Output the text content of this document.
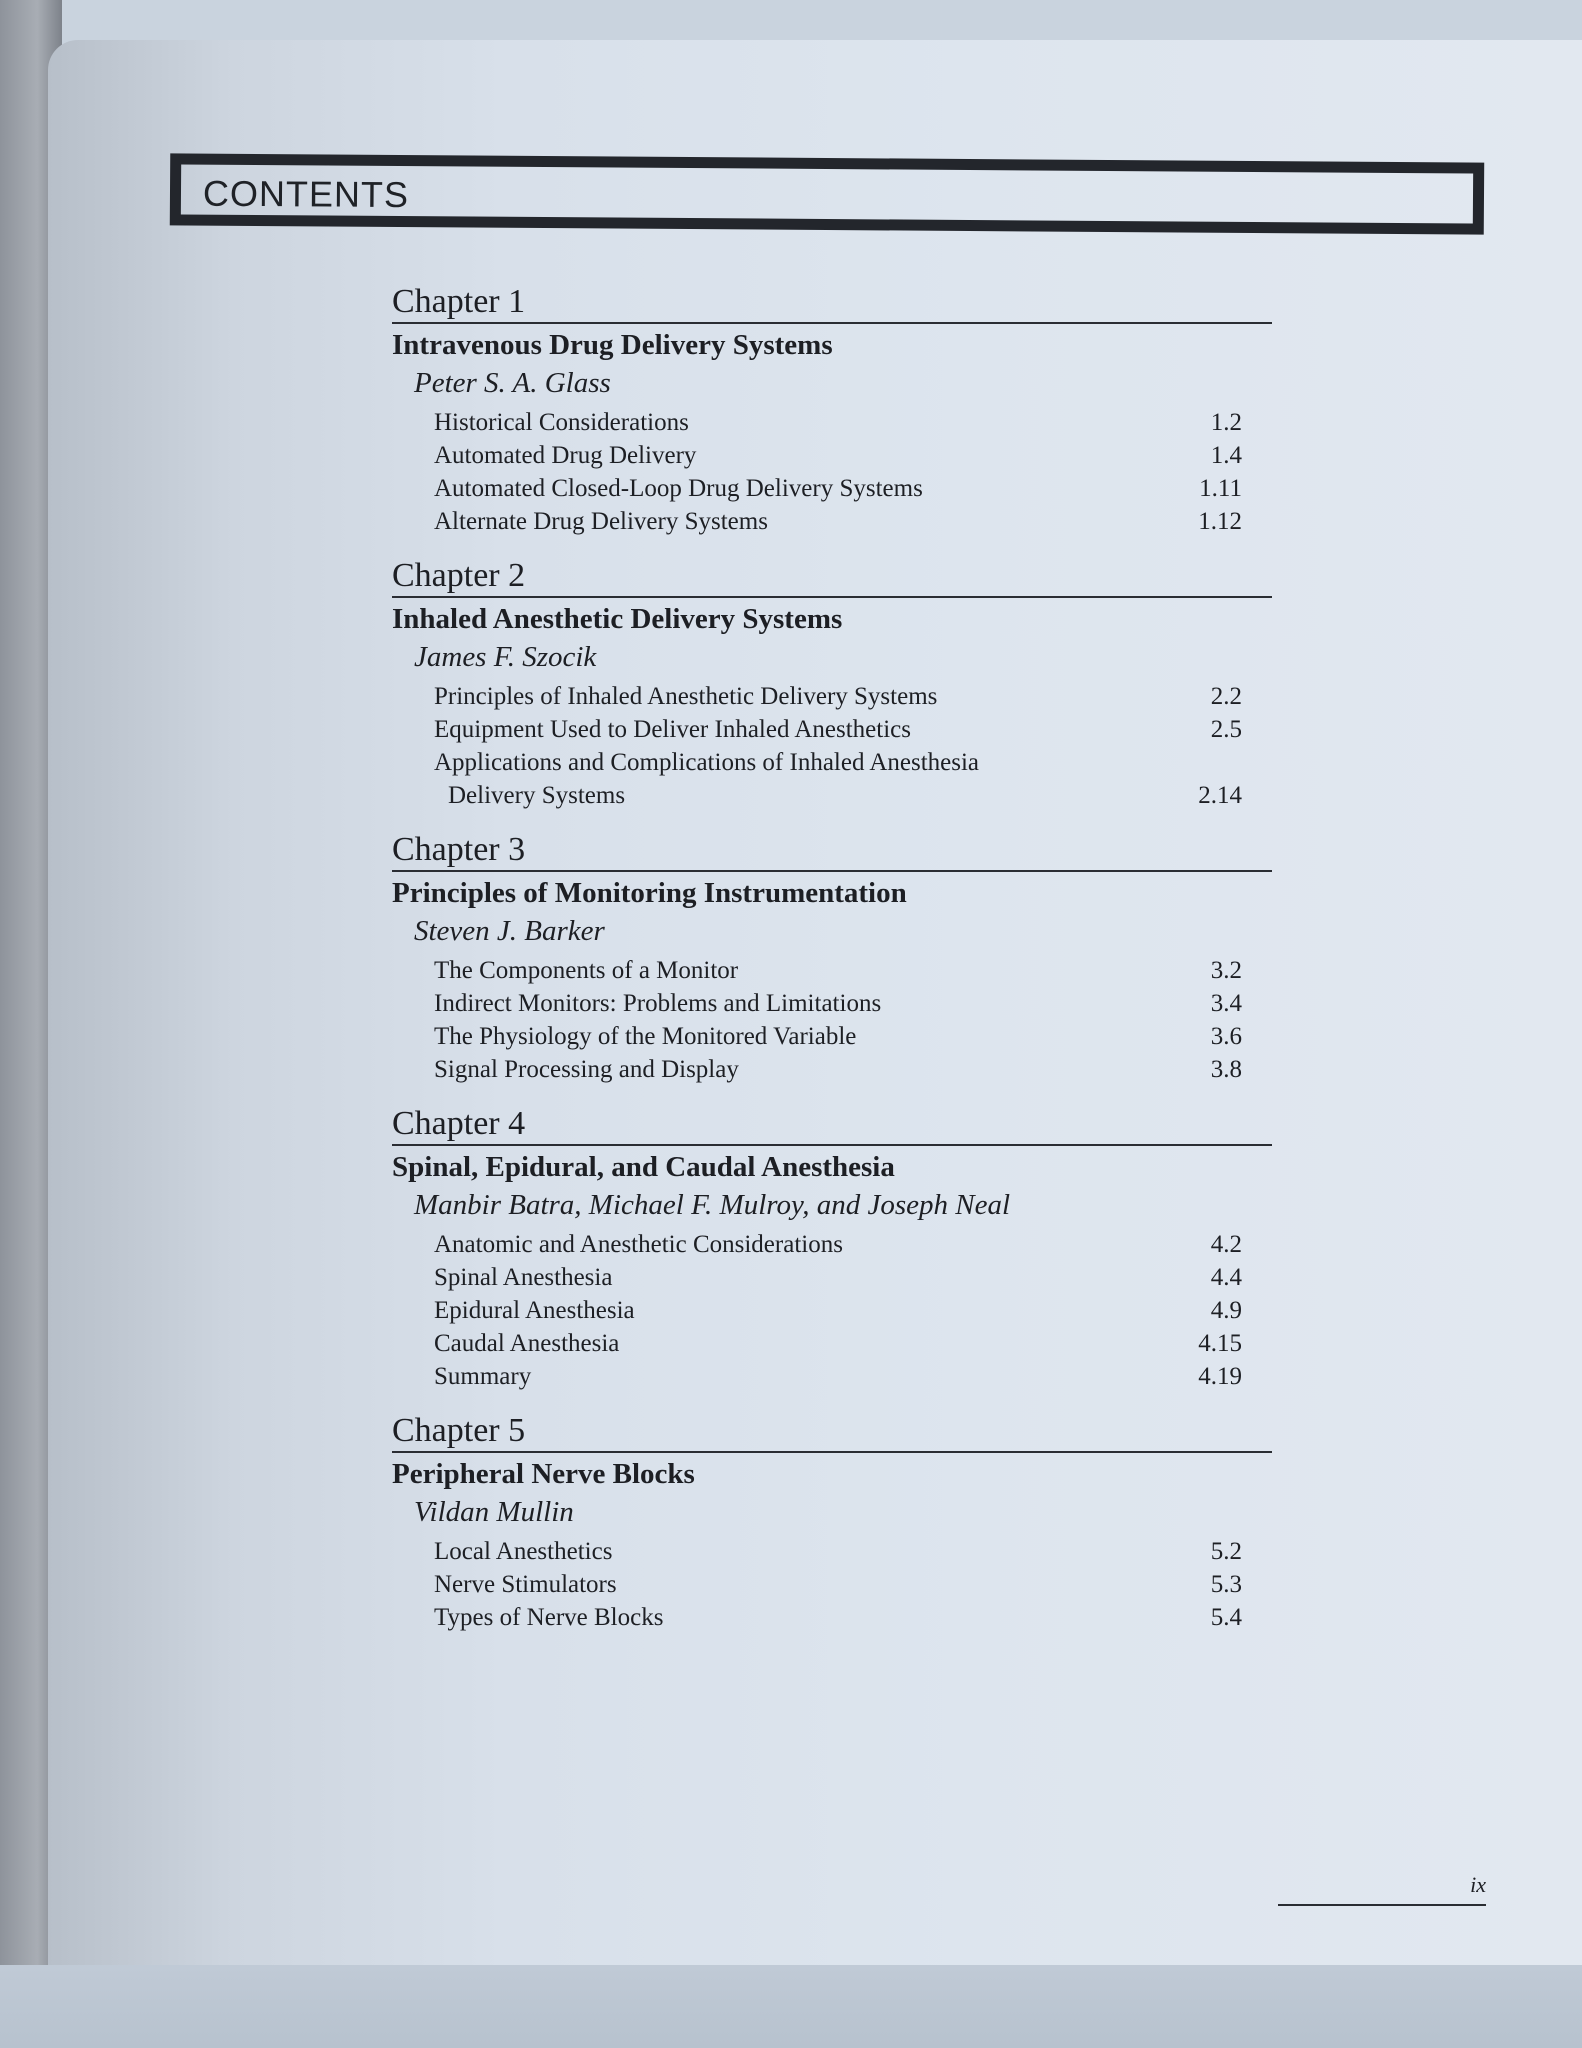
CONTENTS
Chapter 1
Intravenous Drug Delivery Systems
Peter S. A. Glass
Historical Considerations	1.2
Automated Drug Delivery	1.4
Automated Closed-Loop Drug Delivery Systems	1.11
Alternate Drug Delivery Systems	1.12
Chapter 2
Inhaled Anesthetic Delivery Systems
James F. Szocik
Principles of Inhaled Anesthetic Delivery Systems	2.2
Equipment Used to Deliver Inhaled Anesthetics	2.5
Applications and Complications of Inhaled Anesthesia
Delivery Systems	2.14
Chapter 3
Principles of Monitoring Instrumentation
Steven J. Barker
The Components of a Monitor	3.2
Indirect Monitors: Problems and Limitations	3.4
The Physiology of the Monitored Variable	3.6
Signal Processing and Display	3.8
Chapter 4
Spinal, Epidural, and Caudal Anesthesia
Manbir Batra, Michael F. Mulroy, and Joseph Neal
Anatomic and Anesthetic Considerations	4.2
Spinal Anesthesia	4.4
Epidural Anesthesia	4.9
Caudal Anesthesia	4.15
Summary	4.19
Chapter 5
Peripheral Nerve Blocks
Vildan Mullin
Local Anesthetics	5.2
Nerve Stimulators	5.3
Types of Nerve Blocks	5.4
ix
